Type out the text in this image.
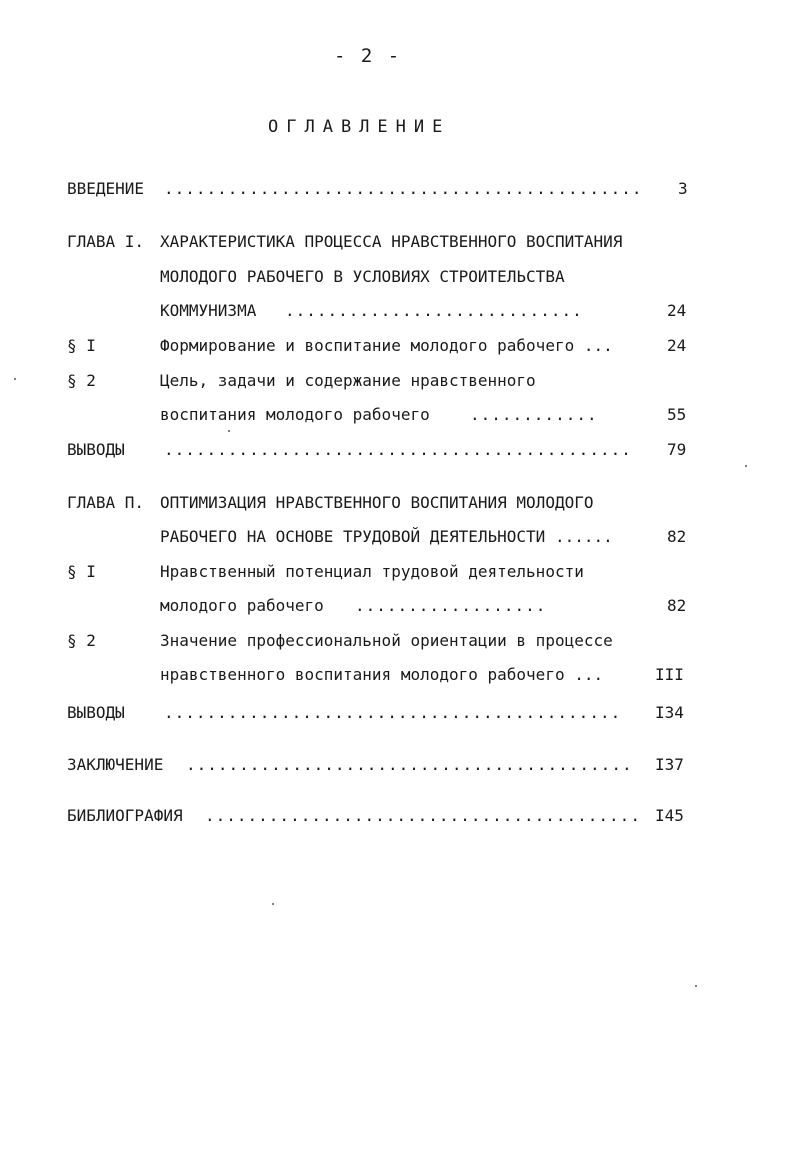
- 2 -
ОГЛАВЛЕНИЕ
ВВЕДЕНИЕ ............................................. 3
ГЛАВА I. ХАРАКТЕРИСТИКА ПРОЦЕССА НРАВСТВЕННОГО ВОСПИТАНИЯ
МОЛОДОГО РАБОЧЕГО В УСЛОВИЯХ СТРОИТЕЛЬСТВА
КОММУНИЗМА ............................	24
§ I	Формирование и воспитание молодого рабочего ...	24
§ 2	Цель, задачи и содержание нравственного
воспитания молодого рабочего	............	55
ВЫВОДЫ ............................................ 79
ГЛАВА П. ОПТИМИЗАЦИЯ НРАВСТВЕННОГО ВОСПИТАНИЯ МОЛОДОГО
РАБОЧЕГО НА ОСНОВЕ ТРУДОВОЙ ДЕЯТЕЛЬНОСТИ ......	82
§ I	Нравственный потенциал трудовой деятельности
молодого рабочего ..................	82
§ 2	Значение профессиональной ориентации в процессе
нравственного воспитания молодого рабочего ...	III
ВЫВОДЫ ........................................... I34
ЗАКЛЮЧЕНИЕ .......................................... I37
БИБЛИОГРАФИЯ ......................................... I45
